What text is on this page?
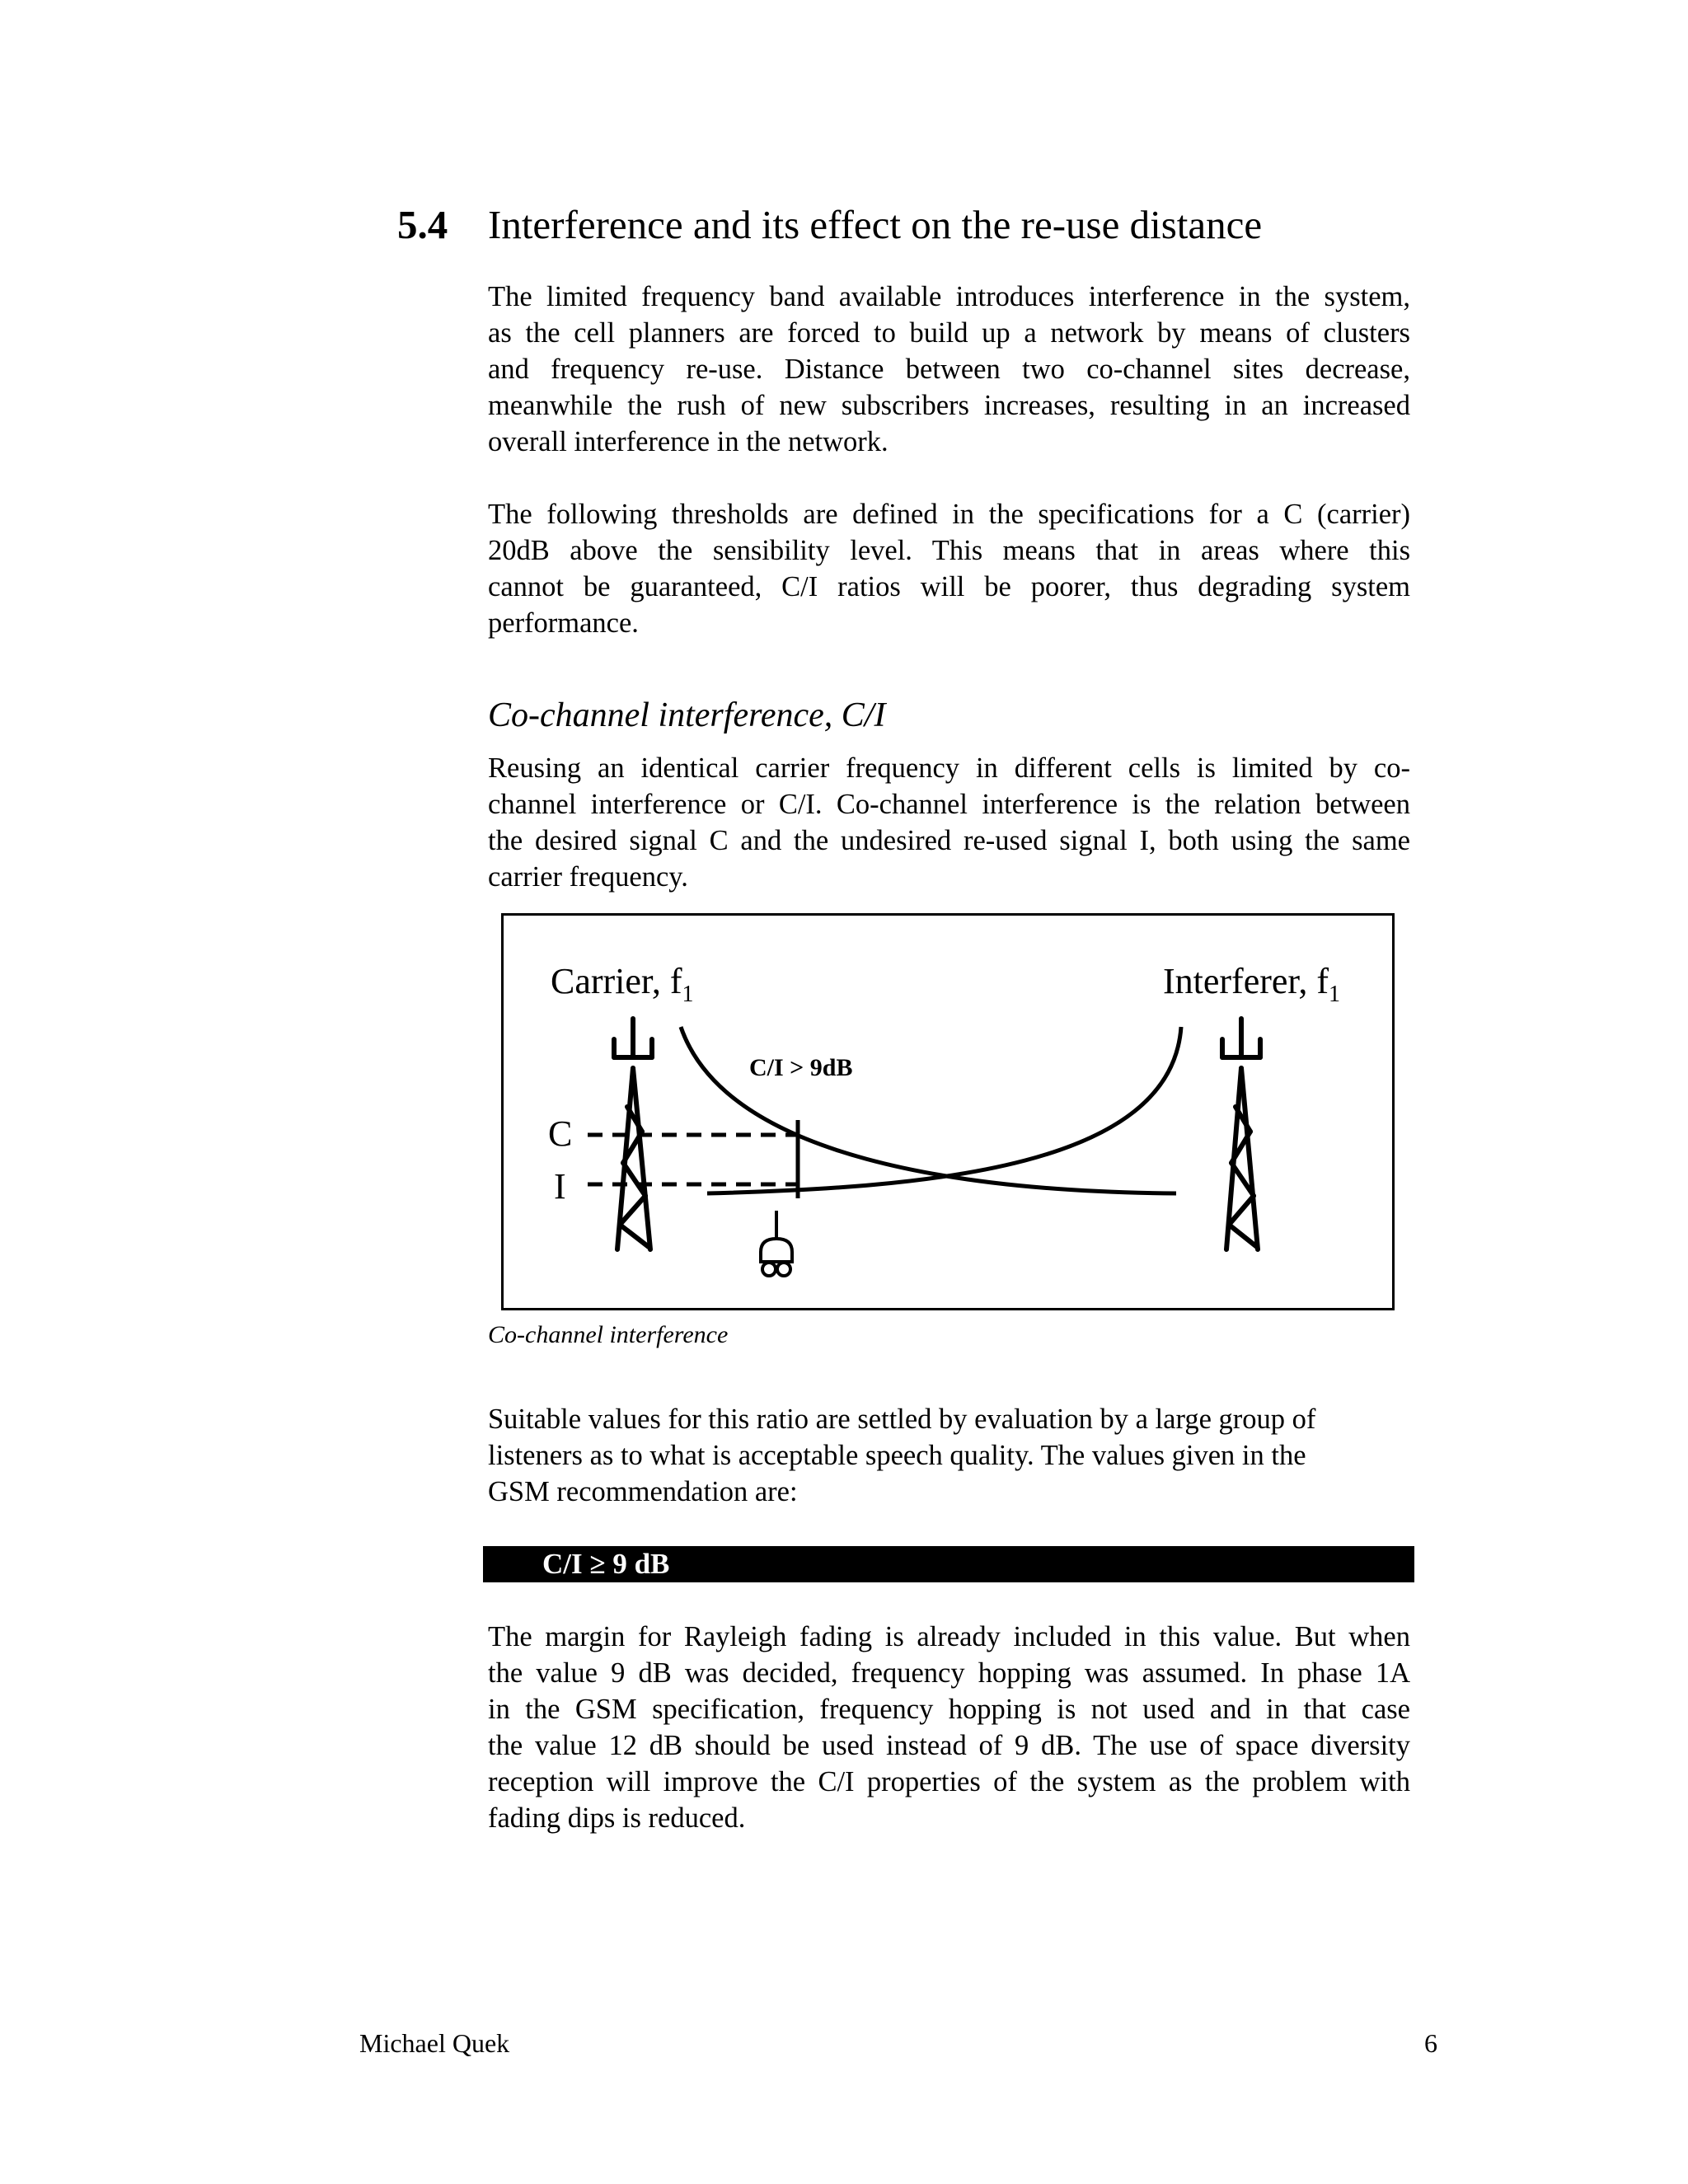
5.4 Interference and its effect on the re-use distance
The limited frequency band available introduces interference in the system,
as the cell planners are forced to build up a network by means of clusters
and frequency re-use. Distance between two co-channel sites decrease,
meanwhile the rush of new subscribers increases, resulting in an increased
overall interference in the network.
The following thresholds are defined in the specifications for a C (carrier)
20dB above the sensibility level. This means that in areas where this
cannot be guaranteed, C/I ratios will be poorer, thus degrading system
performance.
Co-channel interference, C/I
Reusing an identical carrier frequency in different cells is limited by co-
channel interference or C/I. Co-channel interference is the relation between
the desired signal C and the undesired re-used signal I, both using the same
carrier frequency.
Carrier, $f_1$	Interferer, $f_1$
C/I > 9dB
C
I
Co-channel interference
Suitable values for this ratio are settled by evaluation by a large group of
listeners as to what is acceptable speech quality. The values given in the
GSM recommendation are:
C/I ≥ 9 dB
The margin for Rayleigh fading is already included in this value. But when
the value 9 dB was decided, frequency hopping was assumed. In phase 1A
in the GSM specification, frequency hopping is not used and in that case
the value 12 dB should be used instead of 9 dB. The use of space diversity
reception will improve the C/I properties of the system as the problem with
fading dips is reduced.
Michael Quek	6
